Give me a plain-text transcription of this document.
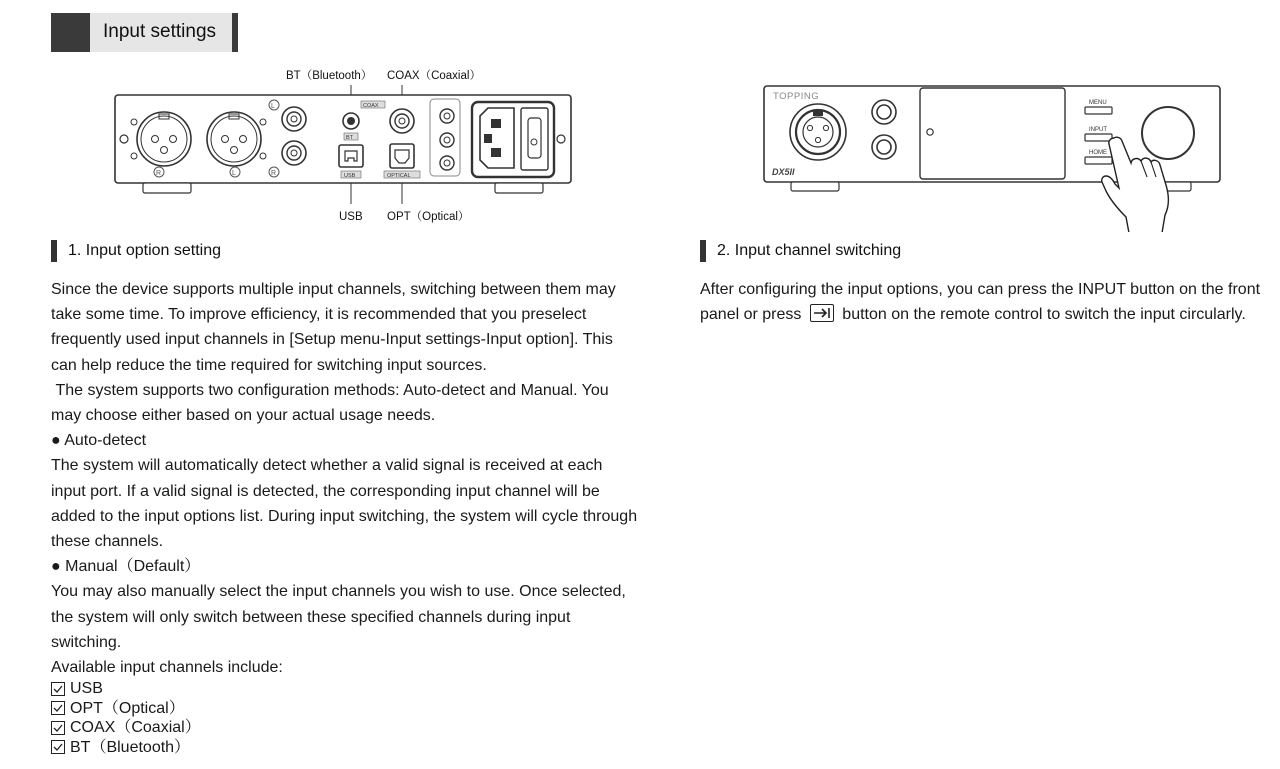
Input settings
BT（Bluetooth） COAX（Coaxial）
USB OPT（Optical）
R	L
L
R
BT
COAX
USB	OPTICAL
TOPPING
DX5II
MENU
INPUT
HOME
1. Input option setting

Since the device supports multiple input channels, switching between them may take some time. To improve efficiency, it is recommended that you preselect frequently used input channels in [Setup menu-Input settings-Input option]. This can help reduce the time required for switching input sources.

The system supports two configuration methods: Auto-detect and Manual. You may choose either based on your actual usage needs.

● Auto-detect

The system will automatically detect whether a valid signal is received at each input port. If a valid signal is detected, the corresponding input channel will be added to the input options list. During input switching, the system will cycle through these channels.

● Manual（Default）

You may also manually select the input channels you wish to use. Once selected, the system will only switch between these specified channels during input switching.

Available input channels include:

USB
OPT（Optical）
COAX（Coaxial）
BT（Bluetooth）
2. Input channel switching
After configuring the input options, you can press the INPUT button on the front panel or press	button on the remote control to switch the input circularly.
